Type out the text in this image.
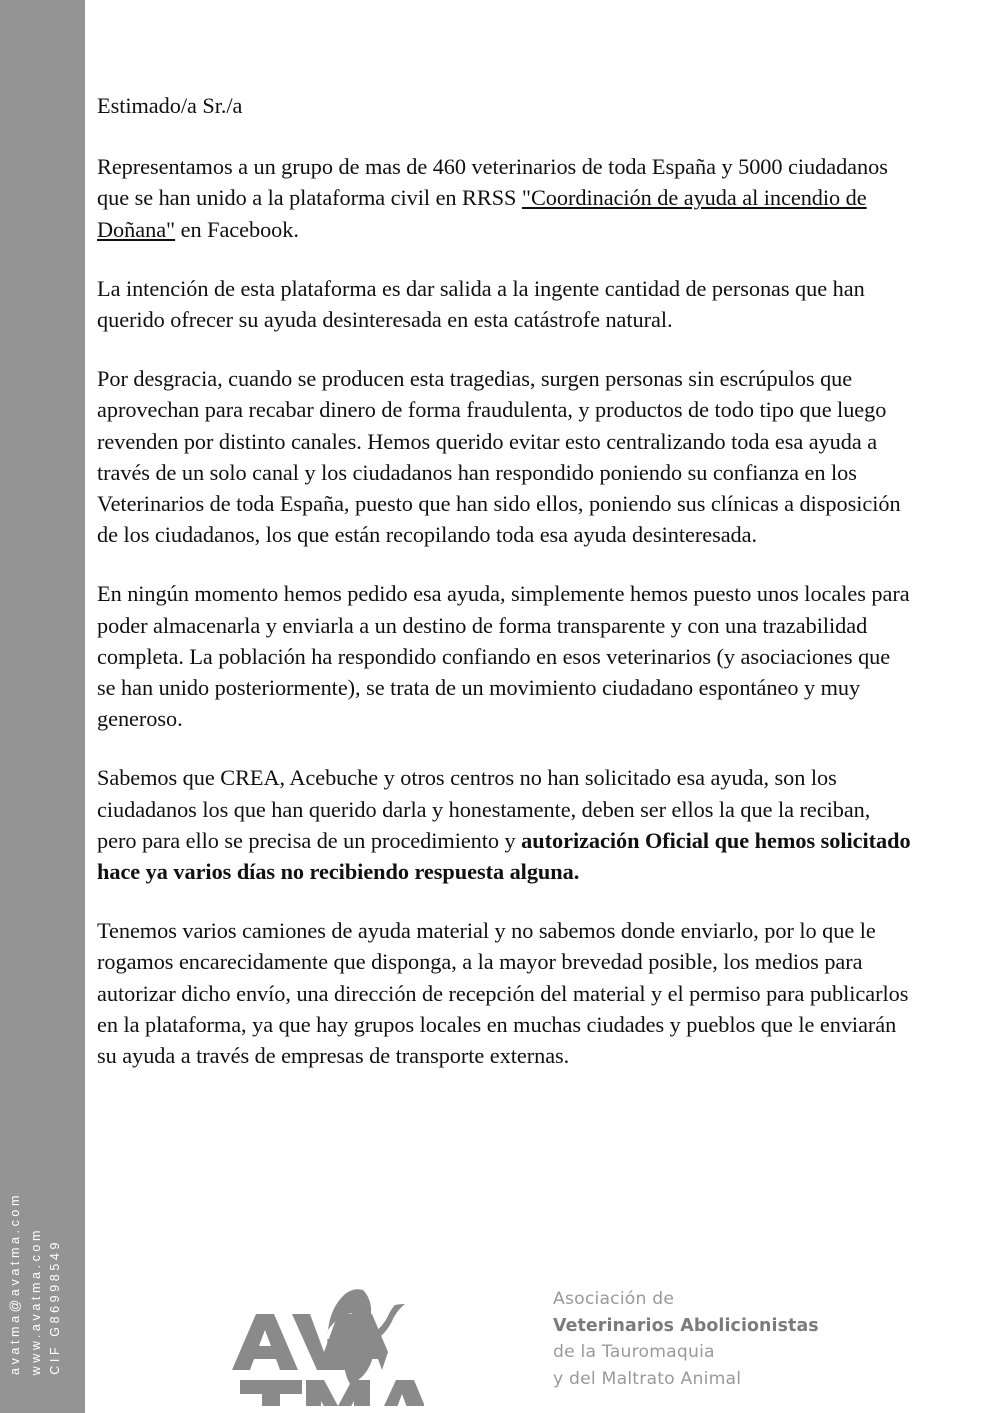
avatma@avatma.com www.avatma.com CIF G86998549

Estimado/a Sr./a

Representamos a un grupo de mas de 460 veterinarios de toda España y 5000 ciudadanos que se han unido a la plataforma civil en RRSS "Coordinación de ayuda al incendio de Doñana" en Facebook.

La intención de esta plataforma es dar salida a la ingente cantidad de personas que han querido ofrecer su ayuda desinteresada en esta catástrofe natural.

Por desgracia, cuando se producen esta tragedias, surgen personas sin escrúpulos que aprovechan para recabar dinero de forma fraudulenta, y productos de todo tipo que luego revenden por distinto canales. Hemos querido evitar esto centralizando toda esa ayuda a través de un solo canal y los ciudadanos han respondido poniendo su confianza en los Veterinarios de toda España, puesto que han sido ellos, poniendo sus clínicas a disposición de los ciudadanos, los que están recopilando toda esa ayuda desinteresada.

En ningún momento hemos pedido esa ayuda, simplemente hemos puesto unos locales para poder almacenarla y enviarla a un destino de forma transparente y con una trazabilidad completa. La población ha respondido confiando en esos veterinarios (y asociaciones que se han unido posteriormente), se trata de un movimiento ciudadano espontáneo y muy generoso.

Sabemos que CREA, Acebuche y otros centros no han solicitado esa ayuda, son los ciudadanos los que han querido darla y honestamente, deben ser ellos la que la reciban, pero para ello se precisa de un procedimiento y autorización Oficial que hemos solicitado hace ya varios días no recibiendo respuesta alguna.

Tenemos varios camiones de ayuda material y no sabemos donde enviarlo, por lo que le rogamos encarecidamente que disponga, a la mayor brevedad posible, los medios para autorizar dicho envío, una dirección de recepción del material y el permiso para publicarlos en la plataforma, ya que hay grupos locales en muchas ciudades y pueblos que le enviarán su ayuda a través de empresas de transporte externas.

Asociación de
Veterinarios Abolicionistas
de la Tauromaquia
y del Maltrato Animal
